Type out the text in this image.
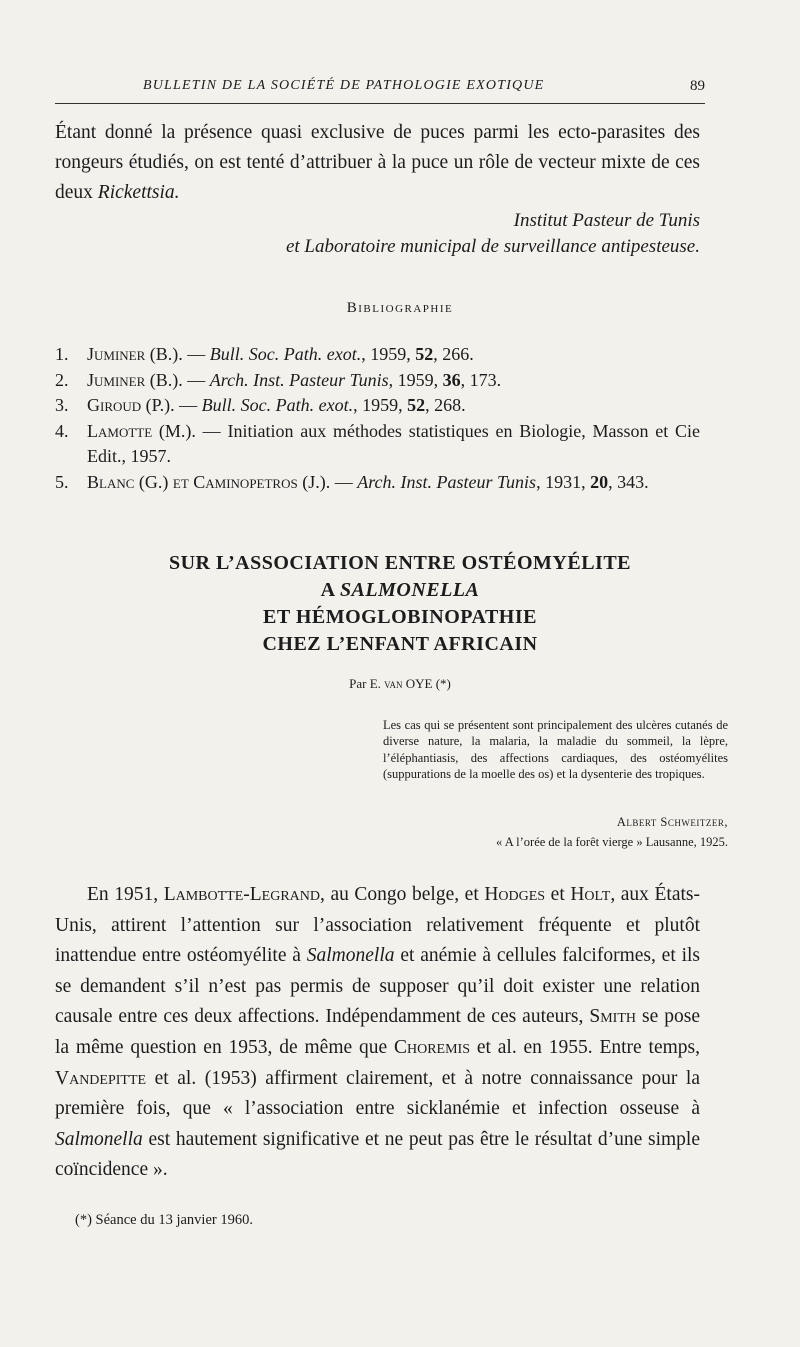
BULLETIN DE LA SOCIÉTÉ DE PATHOLOGIE EXOTIQUE	89
Étant donné la présence quasi exclusive de puces parmi les ecto-parasites des rongeurs étudiés, on est tenté d’attribuer à la puce un rôle de vecteur mixte de ces deux Rickettsia.
Institut Pasteur de Tunis
et Laboratoire municipal de surveillance antipesteuse.
Bibliographie
1. Juminer (B.). — Bull. Soc. Path. exot., 1959, 52, 266.
2. Juminer (B.). — Arch. Inst. Pasteur Tunis, 1959, 36, 173.
3. Giroud (P.). — Bull. Soc. Path. exot., 1959, 52, 268.
4. Lamotte (M.). — Initiation aux méthodes statistiques en Biologie, Masson et Cie Edit., 1957.
5. Blanc (G.) et Caminopetros (J.). — Arch. Inst. Pasteur Tunis, 1931, 20, 343.
SUR L’ASSOCIATION ENTRE OSTÉOMYÉLITE
A SALMONELLA
ET HÉMOGLOBINOPATHIE
CHEZ L’ENFANT AFRICAIN
Par E. van OYE (*)
Les cas qui se présentent sont principalement des ulcères cutanés de diverse nature, la malaria, la maladie du sommeil, la lèpre, l’éléphantiasis, des affections cardiaques, des ostéomyélites (suppurations de la moelle des os) et la dysenterie des tropiques.
Albert Schweitzer,
« A l’orée de la forêt vierge » Lausanne, 1925.
En 1951, Lambotte-Legrand, au Congo belge, et Hodges et Holt, aux États-Unis, attirent l’attention sur l’association relativement fréquente et plutôt inattendue entre ostéomyélite à Salmonella et anémie à cellules falciformes, et ils se demandent s’il n’est pas permis de supposer qu’il doit exister une relation causale entre ces deux affections. Indépendamment de ces auteurs, Smith se pose la même question en 1953, de même que Choremis et al. en 1955. Entre temps, Vandepitte et al. (1953) affirment clairement, et à notre connaissance pour la première fois, que « l’association entre sicklanémie et infection osseuse à Salmonella est hautement significative et ne peut pas être le résultat d’une simple coïncidence ».
(*) Séance du 13 janvier 1960.
